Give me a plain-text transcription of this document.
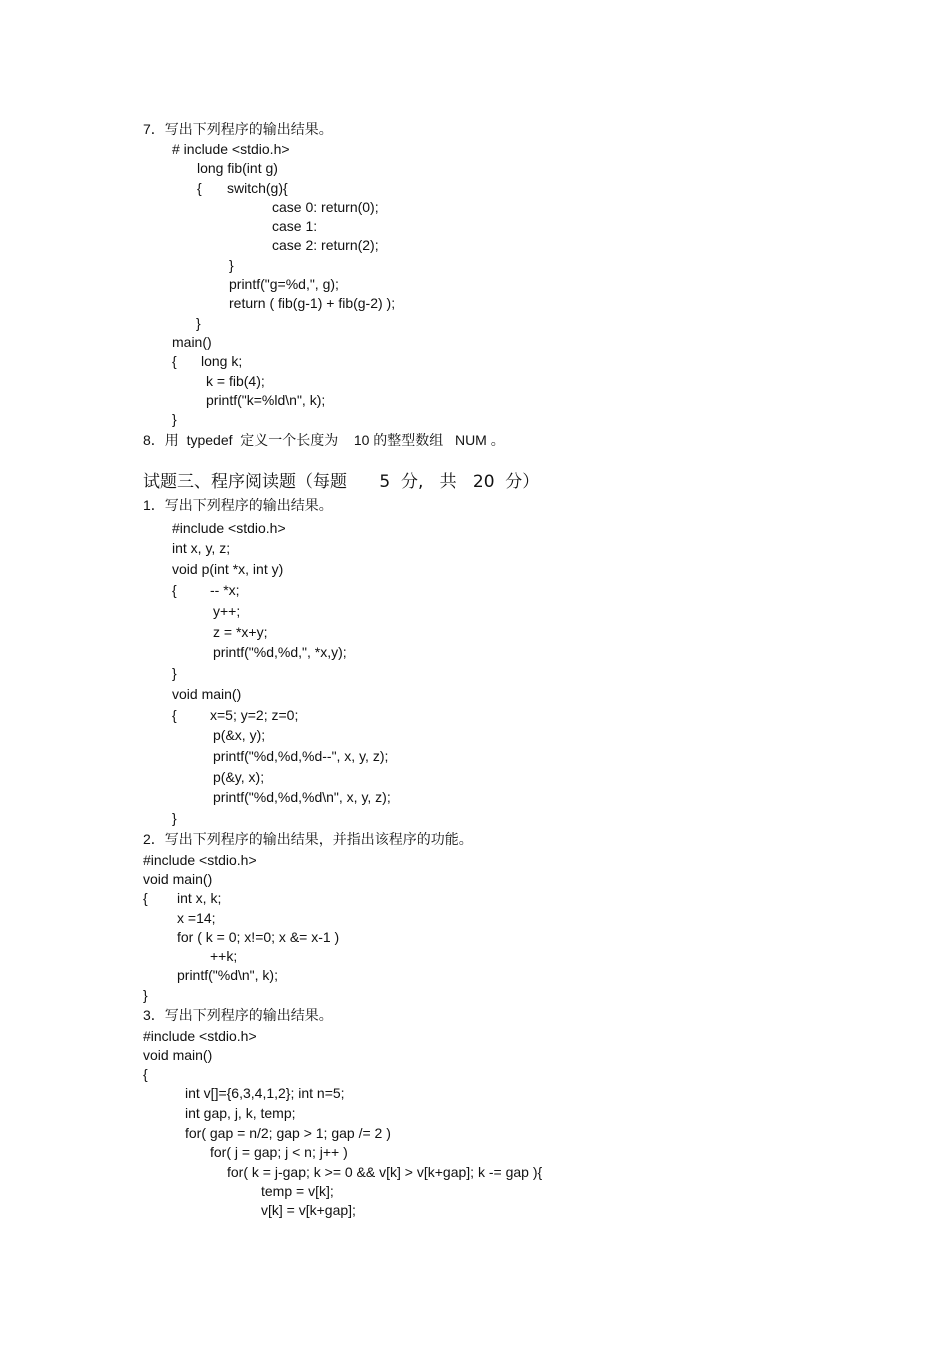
7．写出下列程序的输出结果。
# include <stdio.h>
long fib(int g)
{ switch(g){
case 0: return(0);
case 1:
case 2: return(2);
}
printf("g=%d,", g);
return ( fib(g-1) + fib(g-2) );
}
main()
{ long k;
k = fib(4);
printf("k=%ld\n", k);
}
8．用  typedef  定义一个长度为    10 的整型数组   NUM 。
试题三、程序阅读题（每题      5  分,   共   20  分）
1．写出下列程序的输出结果。
#include <stdio.h>
int x, y, z;
void p(int *x, int y)
{ -- *x;
y++;
z = *x+y;
printf("%d,%d,", *x,y);
}
void main()
{ x=5; y=2; z=0;
p(&x, y);
printf("%d,%d,%d--", x, y, z);
p(&y, x);
printf("%d,%d,%d\n", x, y, z);
}
2．写出下列程序的输出结果，并指出该程序的功能。
#include <stdio.h>
void main()
{ int x, k;
x =14;
for ( k = 0; x!=0; x &= x-1 )
++k;
printf("%d\n", k);
}
3．写出下列程序的输出结果。
#include <stdio.h>
void main()
{
int v[]={6,3,4,1,2}; int n=5;
int gap, j, k, temp;
for( gap = n/2; gap > 1; gap /= 2 )
for( j = gap; j < n; j++ )
for( k = j-gap; k >= 0 && v[k] > v[k+gap]; k -= gap ){
temp = v[k];
v[k] = v[k+gap];
